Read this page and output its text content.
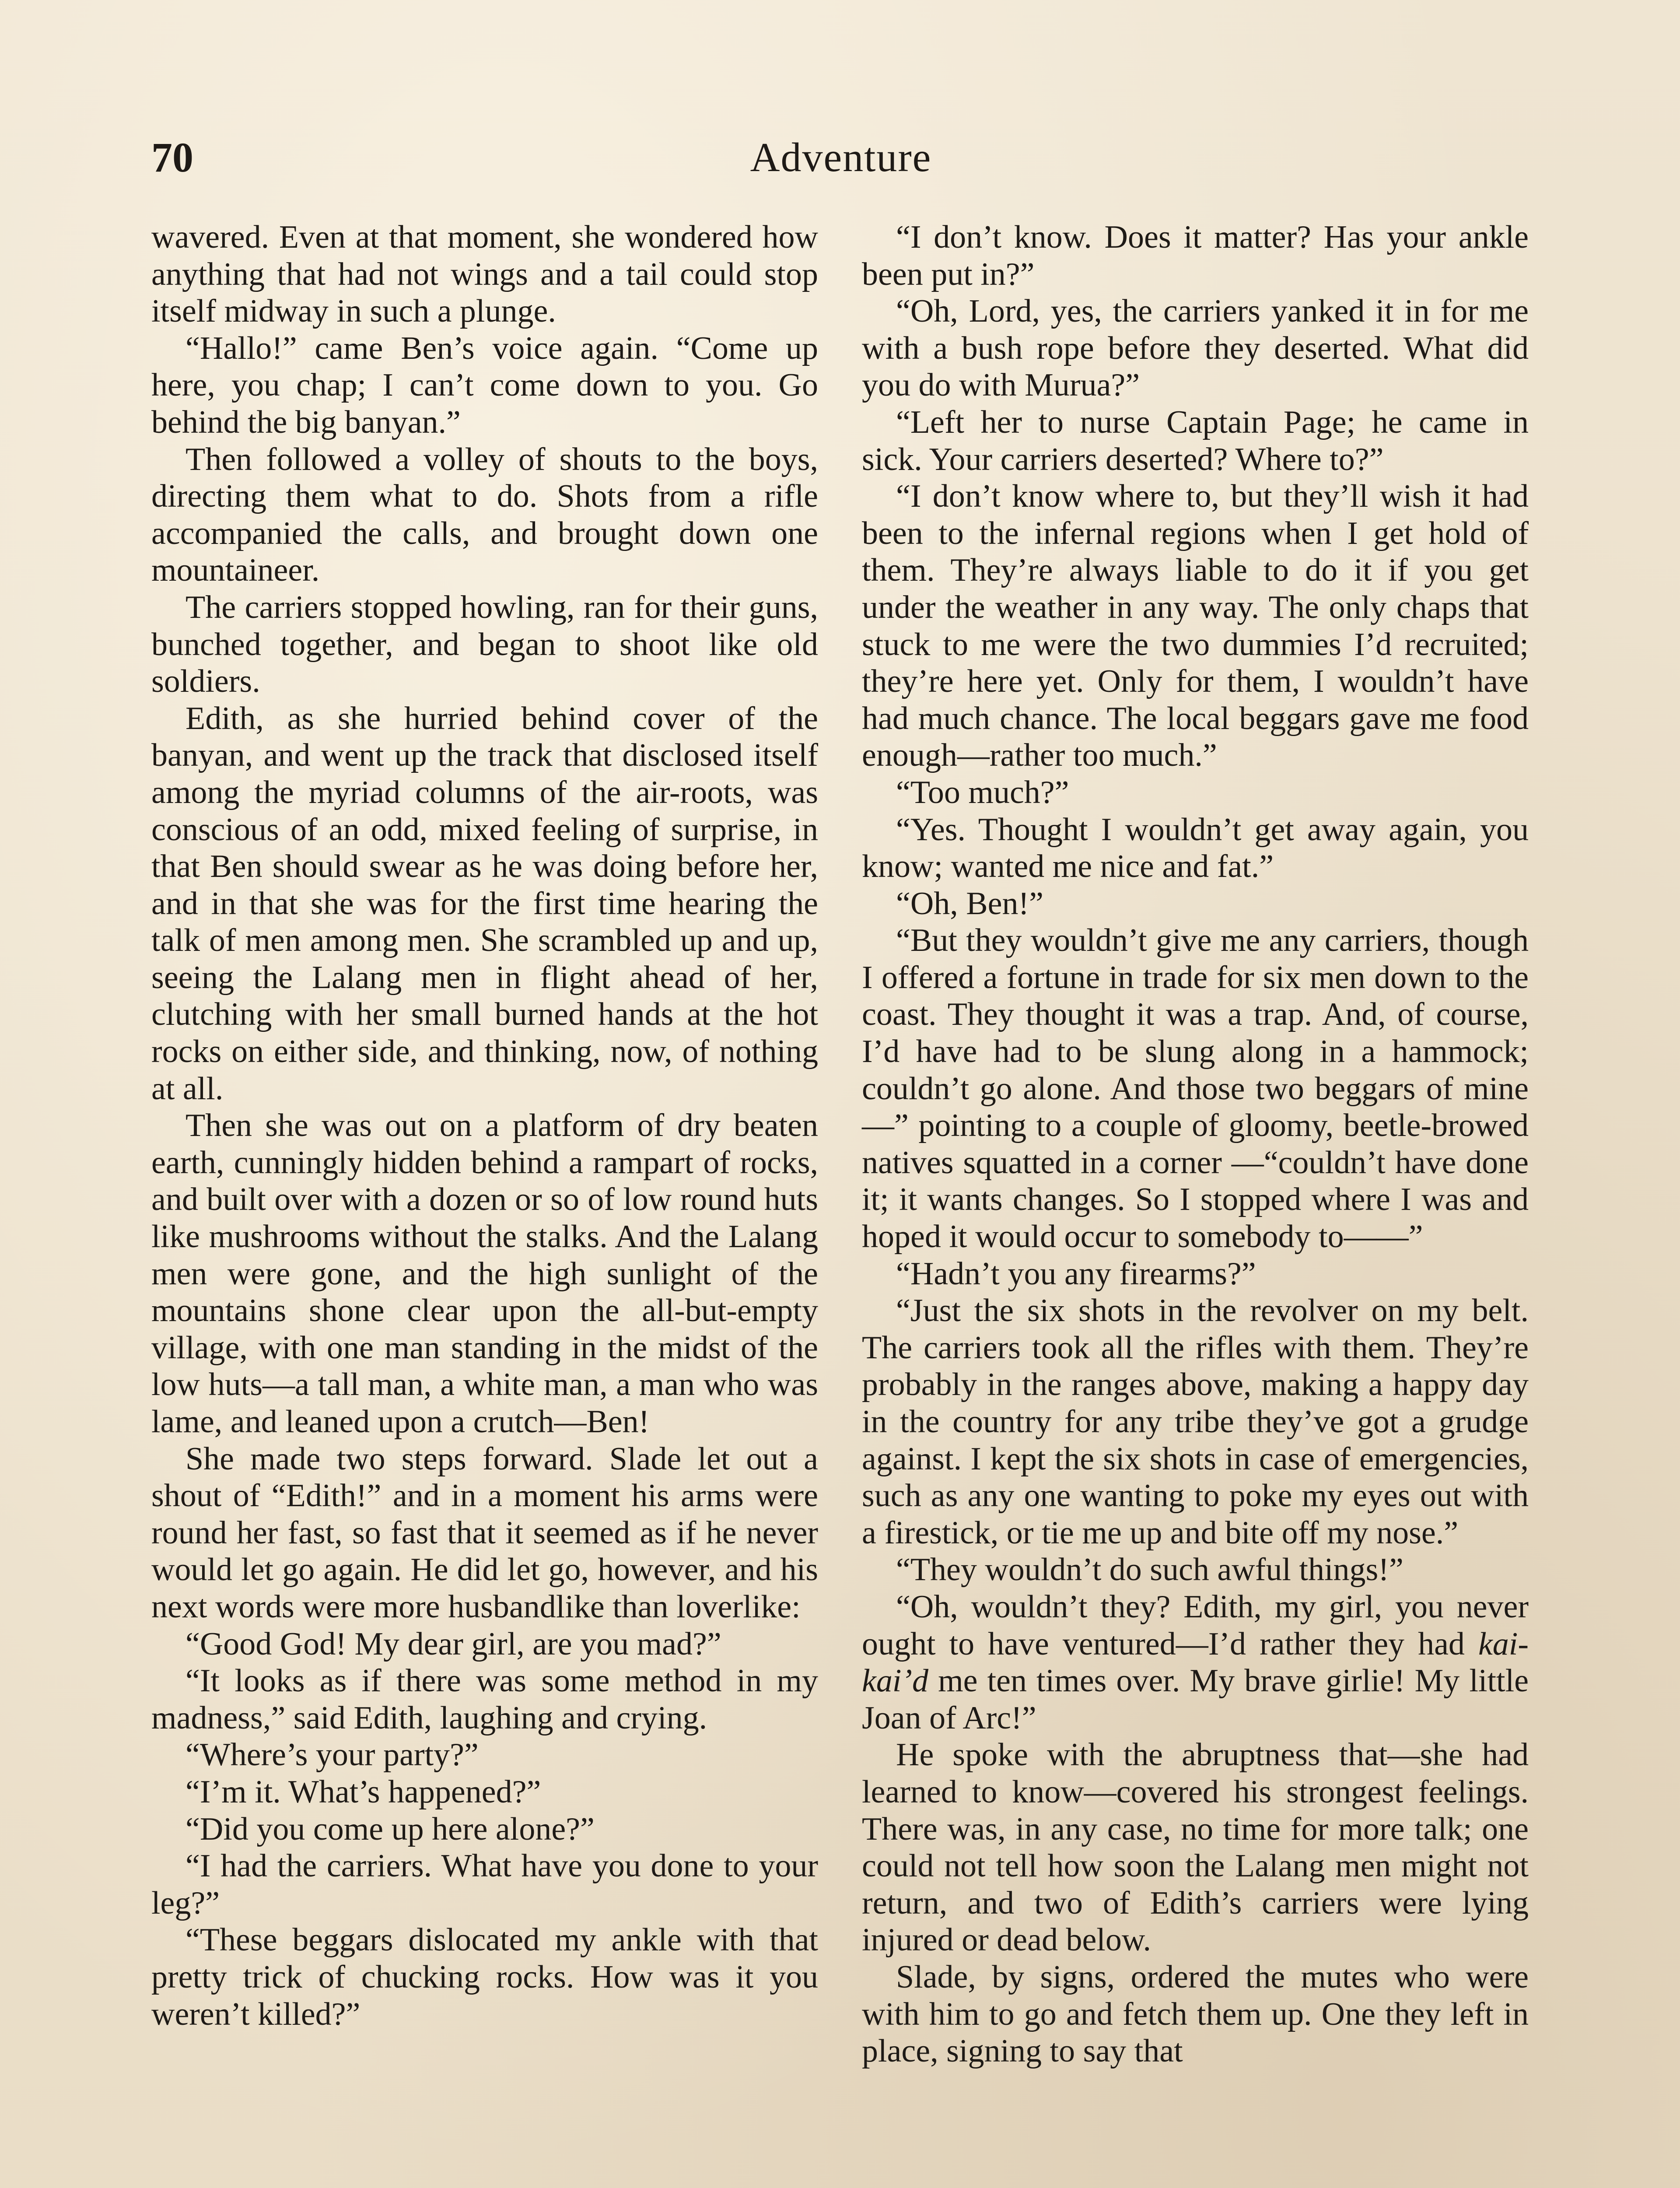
70	Adventure

wavered. Even at that moment, she wondered how anything that had not wings and a tail could stop itself midway in such a plunge.

“Hallo!” came Ben’s voice again. “Come up here, you chap; I can’t come down to you. Go behind the big banyan.”

Then followed a volley of shouts to the boys, directing them what to do. Shots from a rifle accompanied the calls, and brought down one mountaineer.

The carriers stopped howling, ran for their guns, bunched together, and began to shoot like old soldiers.

Edith, as she hurried behind cover of the banyan, and went up the track that disclosed itself among the myriad columns of the air-roots, was conscious of an odd, mixed feeling of surprise, in that Ben should swear as he was doing before her, and in that she was for the first time hearing the talk of men among men. She scrambled up and up, seeing the Lalang men in flight ahead of her, clutching with her small burned hands at the hot rocks on either side, and thinking, now, of nothing at all.

Then she was out on a platform of dry beaten earth, cunningly hidden behind a rampart of rocks, and built over with a dozen or so of low round huts like mushrooms without the stalks. And the Lalang men were gone, and the high sunlight of the mountains shone clear upon the all-but-empty village, with one man standing in the midst of the low huts—a tall man, a white man, a man who was lame, and leaned upon a crutch—Ben!

She made two steps forward. Slade let out a shout of “Edith!” and in a moment his arms were round her fast, so fast that it seemed as if he never would let go again. He did let go, however, and his next words were more husbandlike than loverlike:

“Good God! My dear girl, are you mad?”

“It looks as if there was some method in my madness,” said Edith, laughing and crying.

“Where’s your party?”

“I’m it. What’s happened?”

“Did you come up here alone?”

“I had the carriers. What have you done to your leg?”

“These beggars dislocated my ankle with that pretty trick of chucking rocks. How was it you weren’t killed?”

“I don’t know. Does it matter? Has your ankle been put in?”

“Oh, Lord, yes, the carriers yanked it in for me with a bush rope before they deserted. What did you do with Murua?”

“Left her to nurse Captain Page; he came in sick. Your carriers deserted? Where to?”

“I don’t know where to, but they’ll wish it had been to the infernal regions when I get hold of them. They’re always liable to do it if you get under the weather in any way. The only chaps that stuck to me were the two dummies I’d recruited; they’re here yet. Only for them, I wouldn’t have had much chance. The local beggars gave me food enough—rather too much.”

“Too much?”

“Yes. Thought I wouldn’t get away again, you know; wanted me nice and fat.”

“Oh, Ben!”

“But they wouldn’t give me any carriers, though I offered a fortune in trade for six men down to the coast. They thought it was a trap. And, of course, I’d have had to be slung along in a hammock; couldn’t go alone. And those two beggars of mine—” pointing to a couple of gloomy, beetle-browed natives squatted in a corner —“couldn’t have done it; it wants changes. So I stopped where I was and hoped it would occur to somebody to——”

“Hadn’t you any firearms?”

“Just the six shots in the revolver on my belt. The carriers took all the rifles with them. They’re probably in the ranges above, making a happy day in the country for any tribe they’ve got a grudge against. I kept the six shots in case of emergencies, such as any one wanting to poke my eyes out with a firestick, or tie me up and bite off my nose.”

“They wouldn’t do such awful things!”

“Oh, wouldn’t they? Edith, my girl, you never ought to have ventured—I’d rather they had kai-kai’d me ten times over. My brave girlie! My little Joan of Arc!”

He spoke with the abruptness that—she had learned to know—covered his strongest feelings. There was, in any case, no time for more talk; one could not tell how soon the Lalang men might not return, and two of Edith’s carriers were lying injured or dead below.

Slade, by signs, ordered the mutes who were with him to go and fetch them up. One they left in place, signing to say that
